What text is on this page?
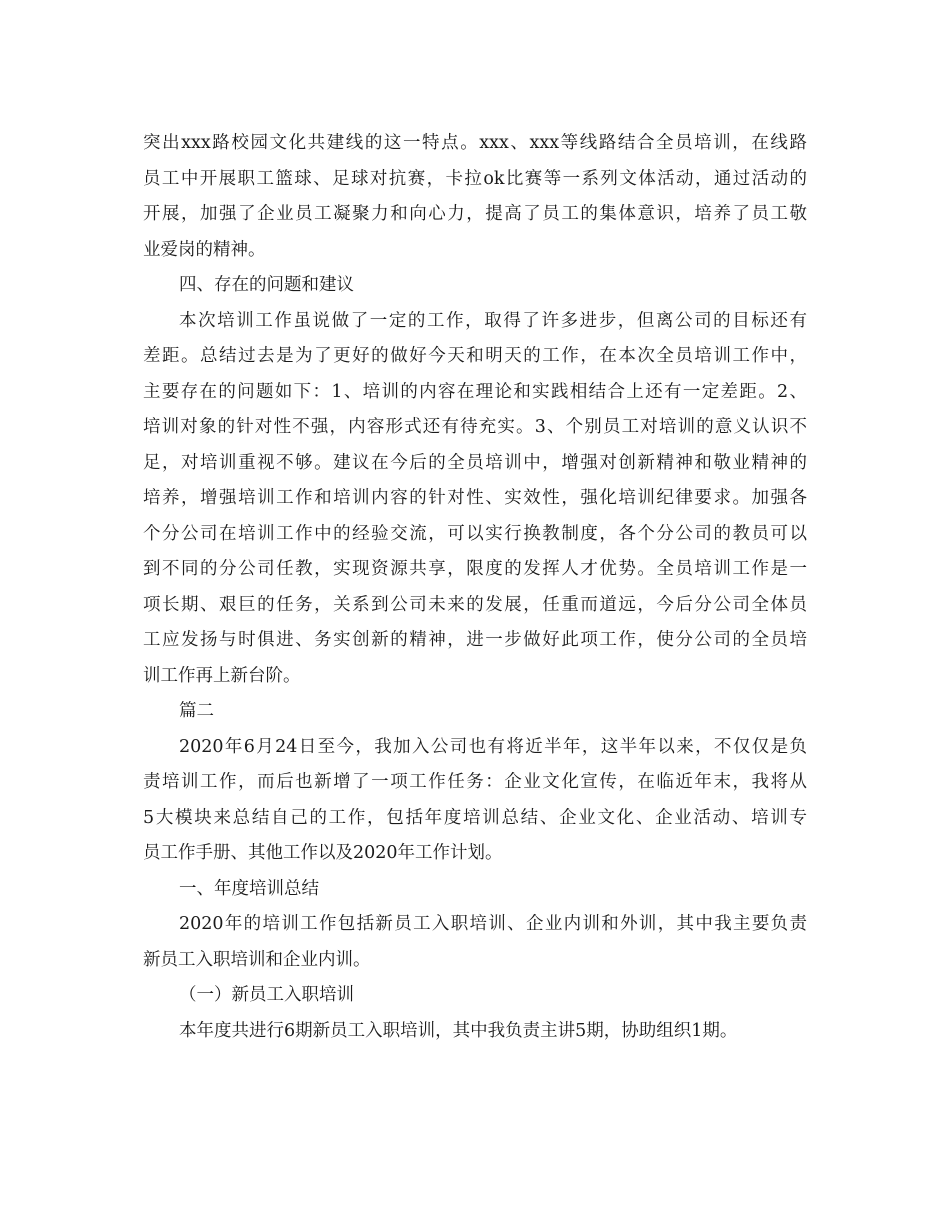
突出xxx路校园文化共建线的这一特点。xxx、xxx等线路结合全员培训，在线路
员工中开展职工篮球、足球对抗赛，卡拉ok比赛等一系列文体活动，通过活动的
开展，加强了企业员工凝聚力和向心力，提高了员工的集体意识，培养了员工敬
业爱岗的精神。
四、存在的问题和建议
本次培训工作虽说做了一定的工作，取得了许多进步，但离公司的目标还有
差距。总结过去是为了更好的做好今天和明天的工作，在本次全员培训工作中，
主要存在的问题如下：1、培训的内容在理论和实践相结合上还有一定差距。2、
培训对象的针对性不强，内容形式还有待充实。3、个别员工对培训的意义认识不
足，对培训重视不够。建议在今后的全员培训中，增强对创新精神和敬业精神的
培养，增强培训工作和培训内容的针对性、实效性，强化培训纪律要求。加强各
个分公司在培训工作中的经验交流，可以实行换教制度，各个分公司的教员可以
到不同的分公司任教，实现资源共享，限度的发挥人才优势。全员培训工作是一
项长期、艰巨的任务，关系到公司未来的发展，任重而道远，今后分公司全体员
工应发扬与时俱进、务实创新的精神，进一步做好此项工作，使分公司的全员培
训工作再上新台阶。
篇二
2020年6月24日至今，我加入公司也有将近半年，这半年以来，不仅仅是负
责培训工作，而后也新增了一项工作任务：企业文化宣传，在临近年末，我将从
5大模块来总结自己的工作，包括年度培训总结、企业文化、企业活动、培训专
员工作手册、其他工作以及2020年工作计划。
一、年度培训总结
2020年的培训工作包括新员工入职培训、企业内训和外训，其中我主要负责
新员工入职培训和企业内训。
（一）新员工入职培训
本年度共进行6期新员工入职培训，其中我负责主讲5期，协助组织1期。
